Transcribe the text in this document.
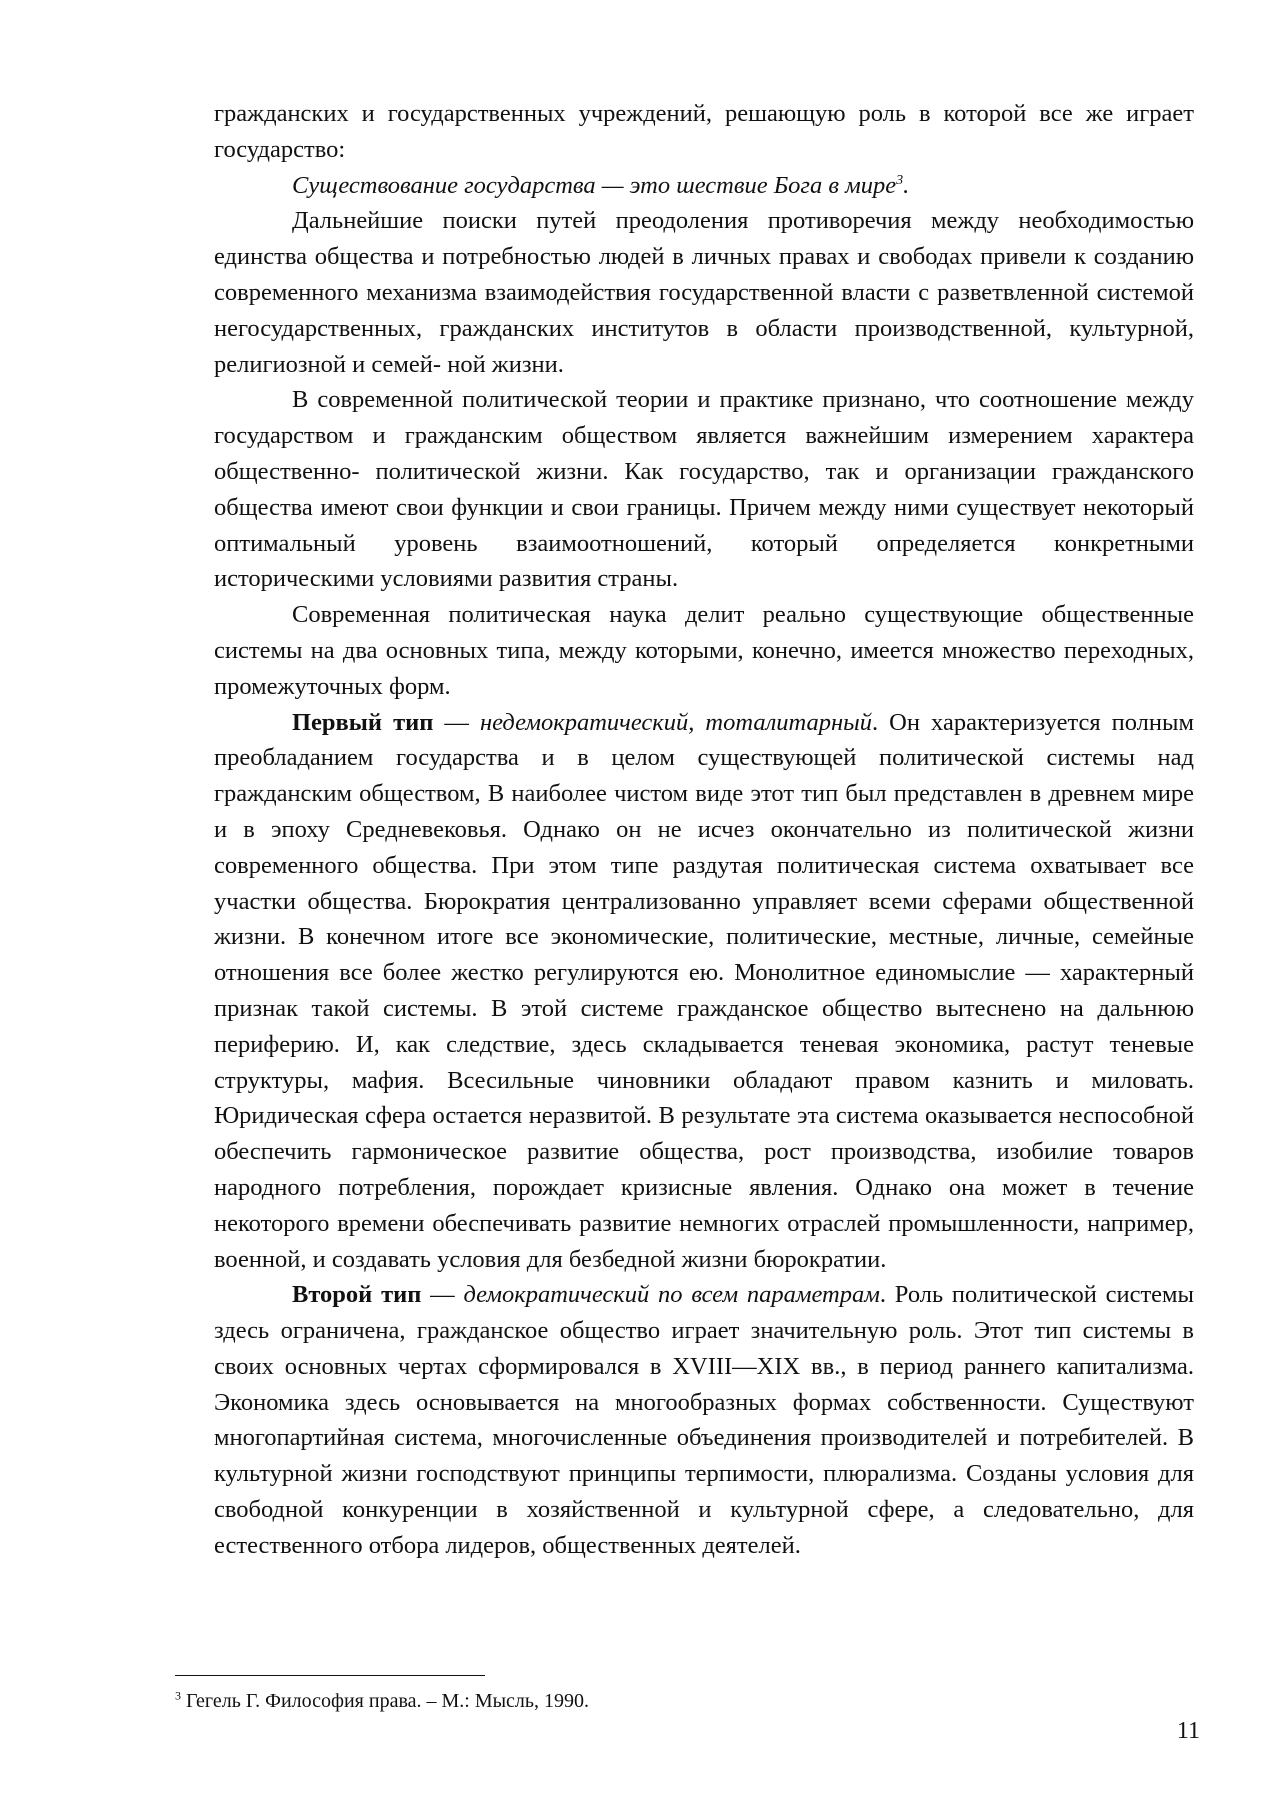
гражданских и государственных учреждений, решающую роль в которой все же играет государство:

Существование государства — это шествие Бога в мире$^3$.

Дальнейшие поиски путей преодоления противоречия между необходимостью единства общества и потребностью людей в личных правах и свободах привели к созданию современного механизма взаимодействия государственной власти с разветвленной системой негосударственных, гражданских институтов в области производственной, культурной, религиозной и семей- ной жизни.

В современной политической теории и практике признано, что соотношение между государством и гражданским обществом является важнейшим измерением характера общественно- политической жизни. Как государство, так и организации гражданского общества имеют свои функции и свои границы. Причем между ними существует некоторый оптимальный уровень взаимоотношений, который определяется конкретными историческими условиями развития страны.

Современная политическая наука делит реально существующие общественные системы на два основных типа, между которыми, конечно, имеется множество переходных, промежуточных форм.

Первый тип — недемократический, тоталитарный. Он характеризуется полным преобладанием государства и в целом существующей политической системы над гражданским обществом, В наиболее чистом виде этот тип был представлен в древнем мире и в эпоху Средневековья. Однако он не исчез окончательно из политической жизни современного общества. При этом типе раздутая политическая система охватывает все участки общества. Бюрократия централизованно управляет всеми сферами общественной жизни. В конечном итоге все экономические, политические, местные, личные, семейные отношения все более жестко регулируются ею. Монолитное единомыслие — характерный признак такой системы. В этой системе гражданское общество вытеснено на дальнюю периферию. И, как следствие, здесь складывается теневая экономика, растут теневые структуры, мафия. Всесильные чиновники обладают правом казнить и миловать. Юридическая сфера остается неразвитой. В результате эта система оказывается неспособной обеспечить гармоническое развитие общества, рост производства, изобилие товаров народного потребления, порождает кризисные явления. Однако она может в течение некоторого времени обеспечивать развитие немногих отраслей промышленности, например, военной, и создавать условия для безбедной жизни бюрократии.

Второй тип — демократический по всем параметрам. Роль политической системы здесь ограничена, гражданское общество играет значительную роль. Этот тип системы в своих основных чертах сформировался в XVIII—XIX вв., в период раннего капитализма. Экономика здесь основывается на многообразных формах собственности. Существуют многопартийная система, многочисленные объединения производителей и потребителей. В культурной жизни господствуют принципы терпимости, плюрализма. Созданы условия для свободной конкуренции в хозяйственной и культурной сфере, а следовательно, для естественного отбора лидеров, общественных деятелей.

$^3$ Гегель Г. Философия права. – М.: Мысль, 1990.
11
